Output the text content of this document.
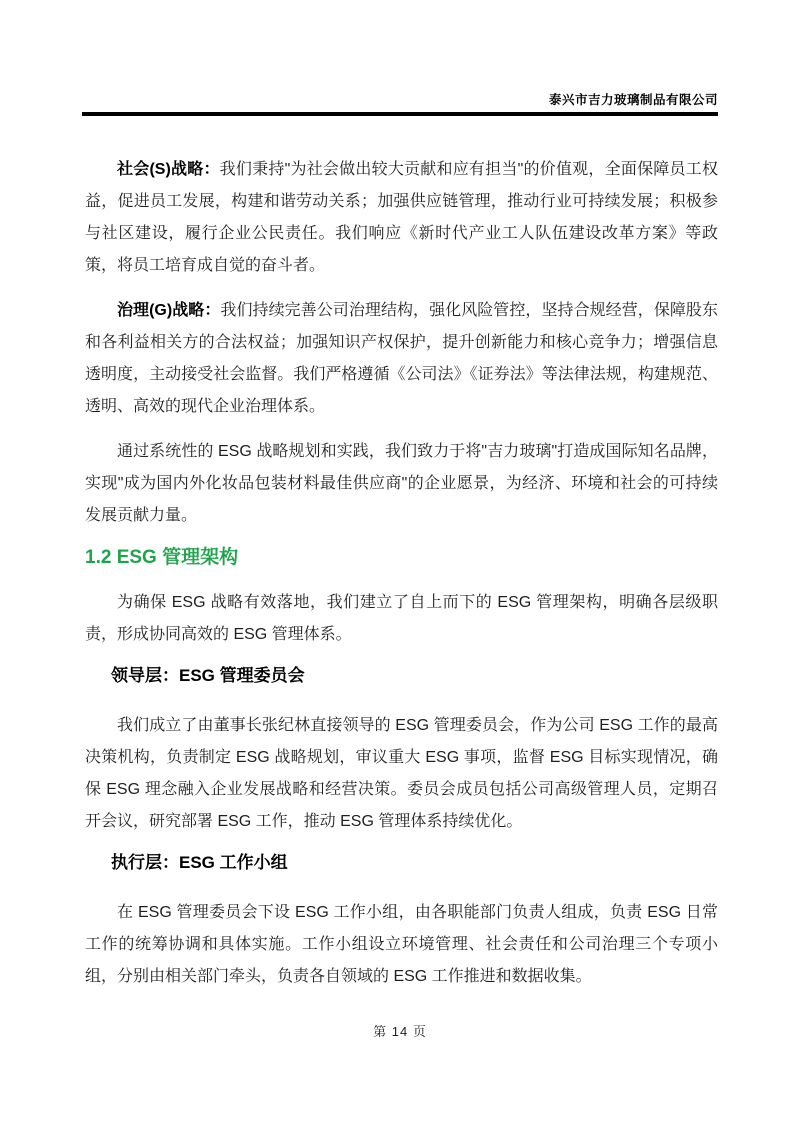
泰兴市吉力玻璃制品有限公司

社会(S)战略：我们秉持"为社会做出较大贡献和应有担当"的价值观，全面保障员工权益，促进员工发展，构建和谐劳动关系；加强供应链管理，推动行业可持续发展；积极参与社区建设，履行企业公民责任。我们响应《新时代产业工人队伍建设改革方案》等政策，将员工培育成自觉的奋斗者。

治理(G)战略：我们持续完善公司治理结构，强化风险管控，坚持合规经营，保障股东和各利益相关方的合法权益；加强知识产权保护，提升创新能力和核心竞争力；增强信息透明度，主动接受社会监督。我们严格遵循《公司法》《证券法》等法律法规，构建规范、透明、高效的现代企业治理体系。

通过系统性的 ESG 战略规划和实践，我们致力于将"吉力玻璃"打造成国际知名品牌，实现"成为国内外化妆品包装材料最佳供应商"的企业愿景，为经济、环境和社会的可持续发展贡献力量。

1.2 ESG 管理架构

为确保 ESG 战略有效落地，我们建立了自上而下的 ESG 管理架构，明确各层级职责，形成协同高效的 ESG 管理体系。

领导层：ESG 管理委员会

我们成立了由董事长张纪林直接领导的 ESG 管理委员会，作为公司 ESG 工作的最高决策机构，负责制定 ESG 战略规划，审议重大 ESG 事项，监督 ESG 目标实现情况，确保 ESG 理念融入企业发展战略和经营决策。委员会成员包括公司高级管理人员，定期召开会议，研究部署 ESG 工作，推动 ESG 管理体系持续优化。

执行层：ESG 工作小组

在 ESG 管理委员会下设 ESG 工作小组，由各职能部门负责人组成，负责 ESG 日常工作的统筹协调和具体实施。工作小组设立环境管理、社会责任和公司治理三个专项小组，分别由相关部门牵头，负责各自领域的 ESG 工作推进和数据收集。

第 14 页
